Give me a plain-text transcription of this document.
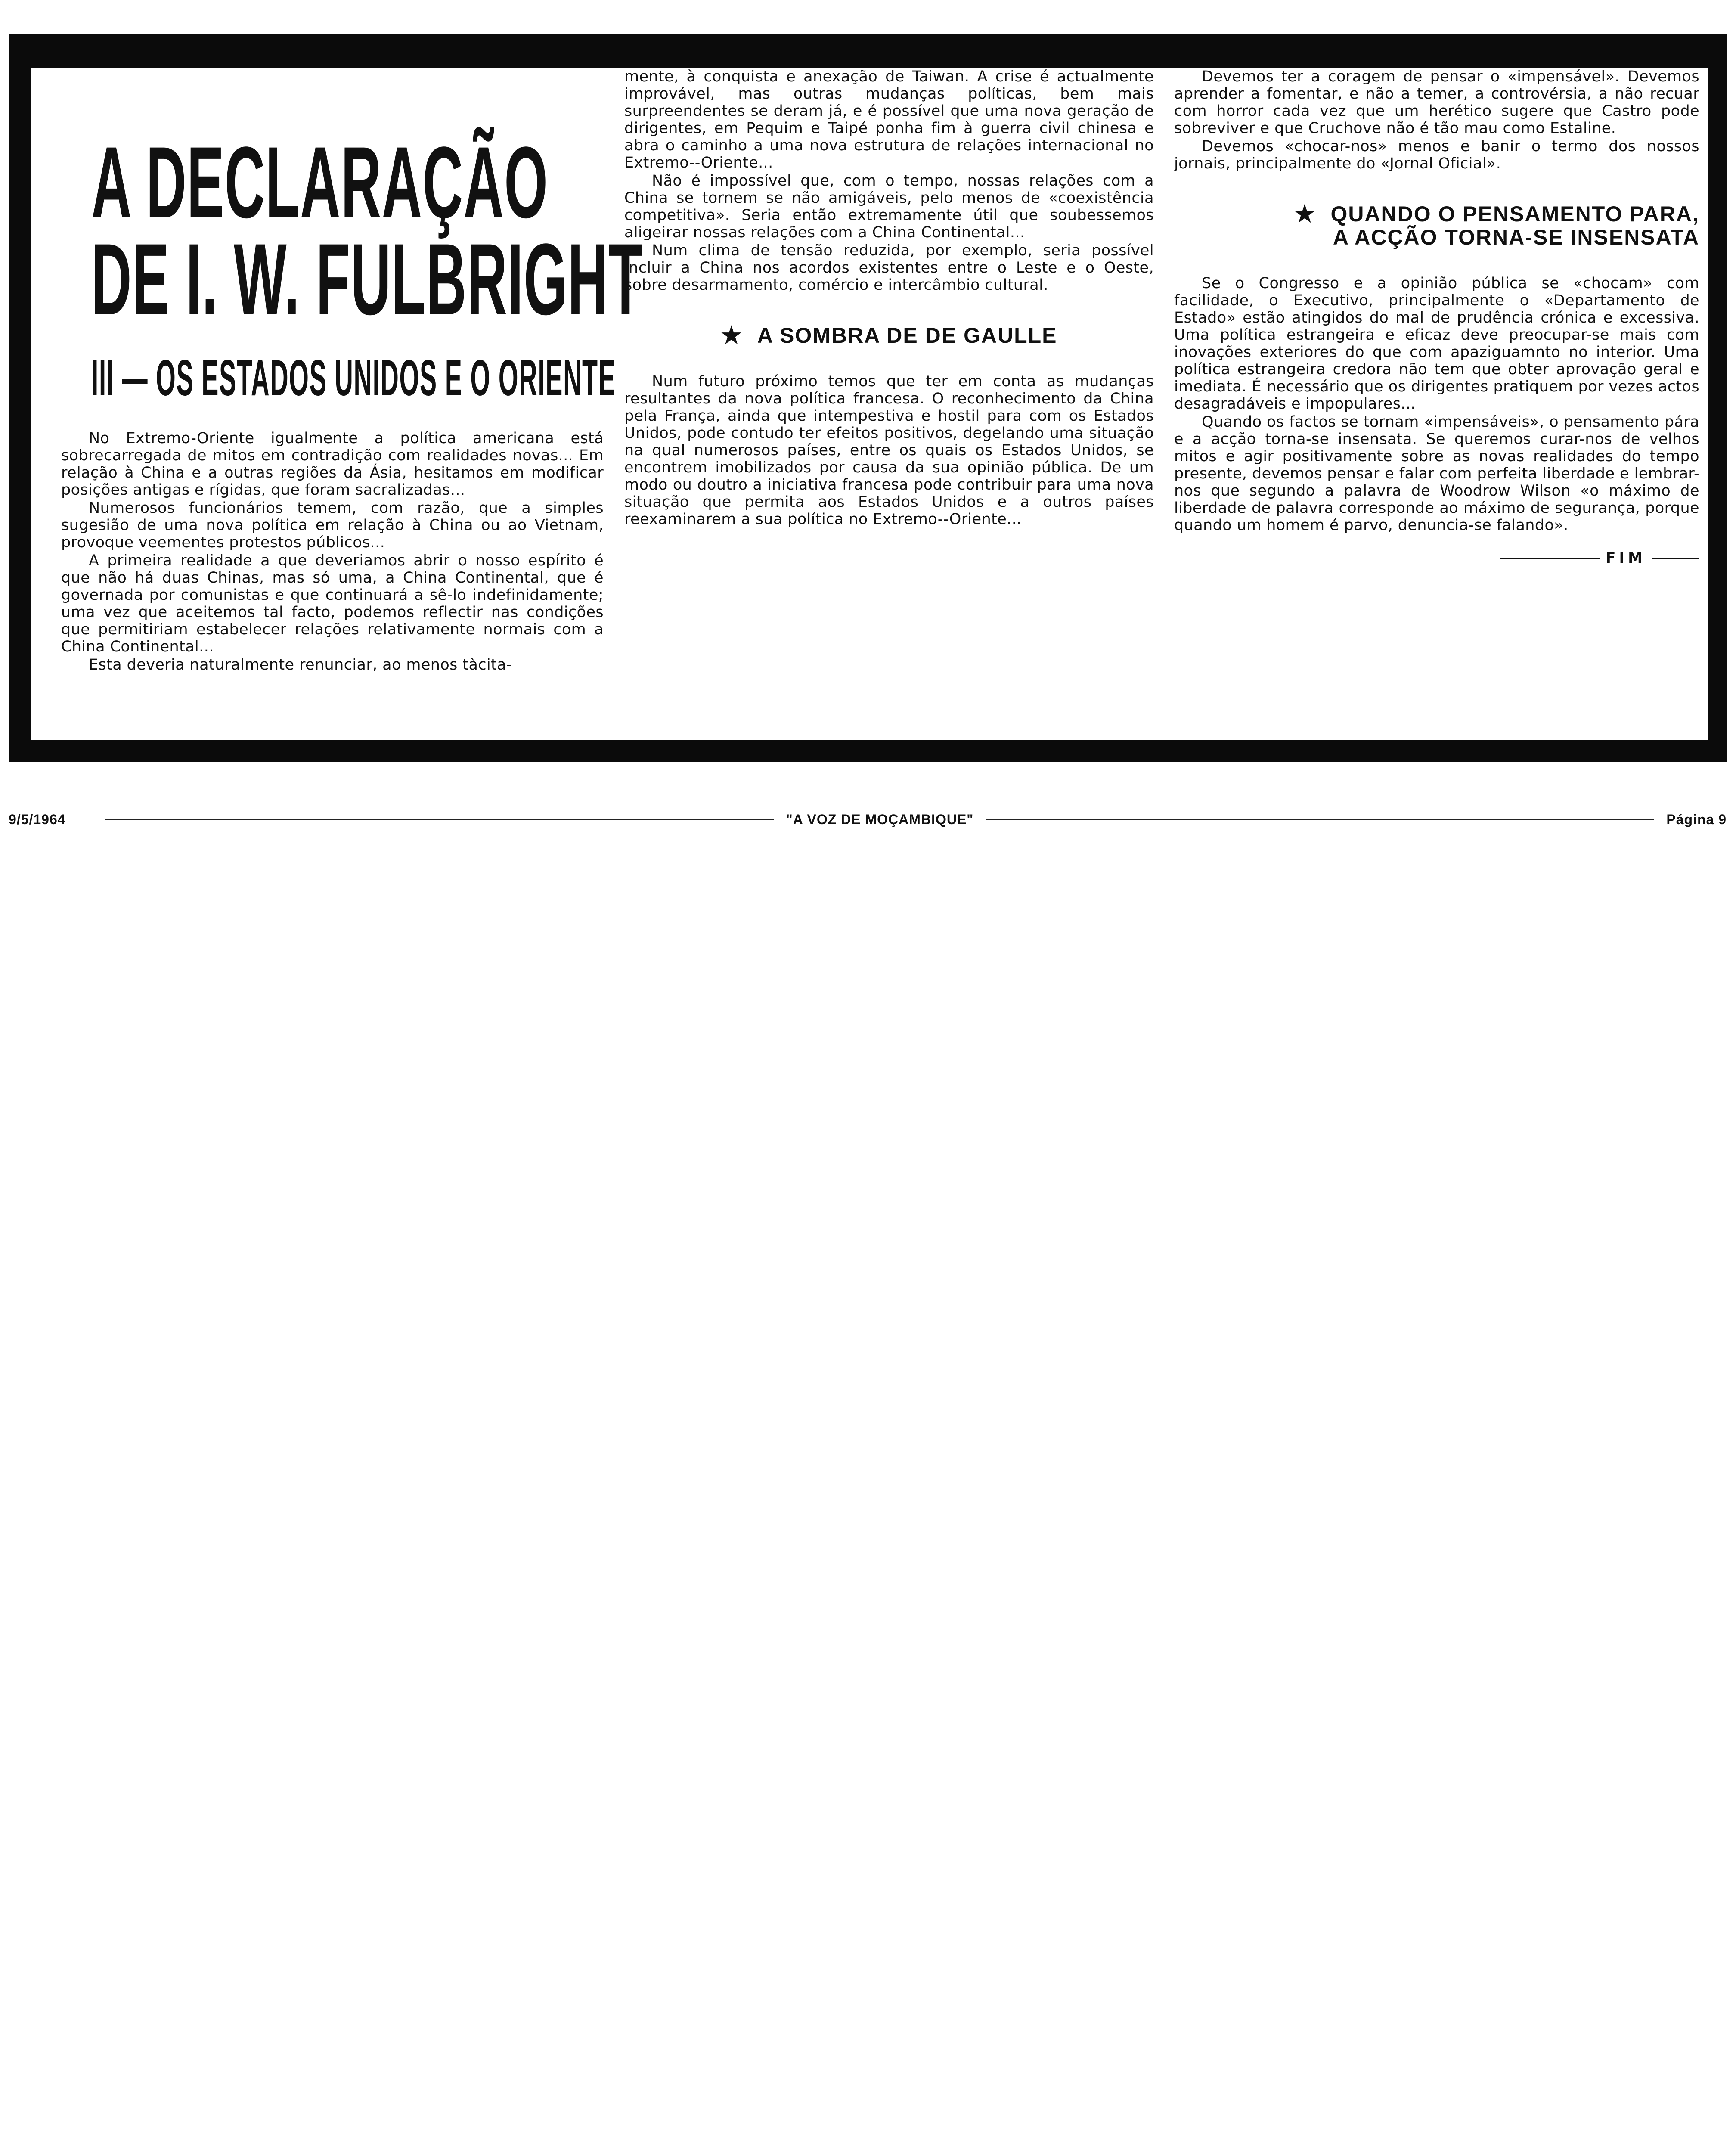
A DECLARAÇÃO
DE I. W. FULBRIGHT
III — OS ESTADOS UNIDOS E O ORIENTE

No Extremo-Oriente igualmente a política americana está sobrecarregada de mitos em contradição com realidades novas... Em relação à China e a outras regiões da Ásia, hesitamos em modificar posições antigas e rígidas, que foram sacralizadas...

Numerosos funcionários temem, com razão, que a simples sugesião de uma nova política em relação à China ou ao Vietnam, provoque veementes protestos públicos...

A primeira realidade a que deveriamos abrir o nosso espírito é que não há duas Chinas, mas só uma, a China Continental, que é governada por comunistas e que continuará a sê-lo indefinidamente; uma vez que aceitemos tal facto, podemos reflectir nas condições que permitiriam estabelecer relações relativamente normais com a China Continental...

Esta deveria naturalmente renunciar, ao menos tàcita-

mente, à conquista e anexação de Taiwan. A crise é actualmente improvável, mas outras mudanças políticas, bem mais surpreendentes se deram já, e é possível que uma nova geração de dirigentes, em Pequim e Taipé ponha fim à guerra civil chinesa e abra o caminho a uma nova estrutura de relações internacional no Extremo--Oriente...

Não é impossível que, com o tempo, nossas relações com a China se tornem se não amigáveis, pelo menos de «coexistência competitiva». Seria então extremamente útil que soubessemos aligeirar nossas relações com a China Continental...

Num clima de tensão reduzida, por exemplo, seria possível incluir a China nos acordos existentes entre o Leste e o Oeste, sobre desarmamento, comércio e intercâmbio cultural.

★ A SOMBRA DE DE GAULLE

Num futuro próximo temos que ter em conta as mudanças resultantes da nova política francesa. O reconhecimento da China pela França, ainda que intempestiva e hostil para com os Estados Unidos, pode contudo ter efeitos positivos, degelando uma situação na qual numerosos países, entre os quais os Estados Unidos, se encontrem imobilizados por causa da sua opinião pública. De um modo ou doutro a iniciativa francesa pode contribuir para uma nova situação que permita aos Estados Unidos e a outros países reexaminarem a sua política no Extremo--Oriente...

Devemos ter a coragem de pensar o «impensável». Devemos aprender a fomentar, e não a temer, a controvérsia, a não recuar com horror cada vez que um herético sugere que Castro pode sobreviver e que Cruchove não é tão mau como Estaline.

Devemos «chocar-nos» menos e banir o termo dos nossos jornais, principalmente do «Jornal Oficial».

★ QUANDO O PENSAMENTO PARA,
A ACÇÃO TORNA-SE INSENSATA

Se o Congresso e a opinião pública se «chocam» com facilidade, o Executivo, principalmente o «Departamento de Estado» estão atingidos do mal de prudência crónica e excessiva. Uma política estrangeira e eficaz deve preocupar-se mais com inovações exteriores do que com apaziguamnto no interior. Uma política estrangeira credora não tem que obter aprovação geral e imediata. É necessário que os dirigentes pratiquem por vezes actos desagradáveis e impopulares...

Quando os factos se tornam «impensáveis», o pensamento pára e a acção torna-se insensata. Se queremos curar-nos de velhos mitos e agir positivamente sobre as novas realidades do tempo presente, devemos pensar e falar com perfeita liberdade e lembrar-nos que segundo a palavra de Woodrow Wilson «o máximo de liberdade de palavra corresponde ao máximo de segurança, porque quando um homem é parvo, denuncia-se falando».

FIM
9/5/1964	"A VOZ DE MOÇAMBIQUE"	Página 9
